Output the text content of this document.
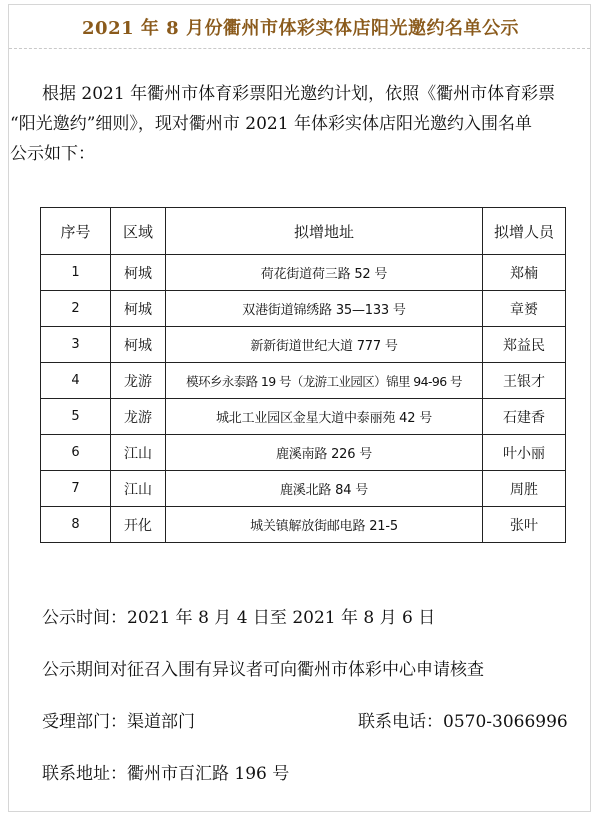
2021 年 8 月份衢州市体彩实体店阳光邀约名单公示
根据 2021 年衢州市体育彩票阳光邀约计划，依照《衢州市体育彩票
“阳光邀约”细则》，现对衢州市 2021 年体彩实体店阳光邀约入围名单
公示如下：
序号	区域	拟增地址	拟增人员
1	柯城	荷花街道荷三路 52 号	郑楠
2	柯城	双港街道锦绣路 35—133 号	章赟
3	柯城	新新街道世纪大道 777 号	郑益民
4	龙游	模环乡永泰路 19 号（龙游工业园区）锦里 94-96 号	王银才
5	龙游	城北工业园区金星大道中泰丽苑 42 号	石建香
6	江山	鹿溪南路 226 号	叶小丽
7	江山	鹿溪北路 84 号	周胜
8	开化	城关镇解放街邮电路 21-5	张叶
公示时间：2021 年 8 月 4 日至 2021 年 8 月 6 日
公示期间对征召入围有异议者可向衢州市体彩中心申请核查
受理部门：渠道部门	联系电话：0570-3066996
联系地址：衢州市百汇路 196 号
